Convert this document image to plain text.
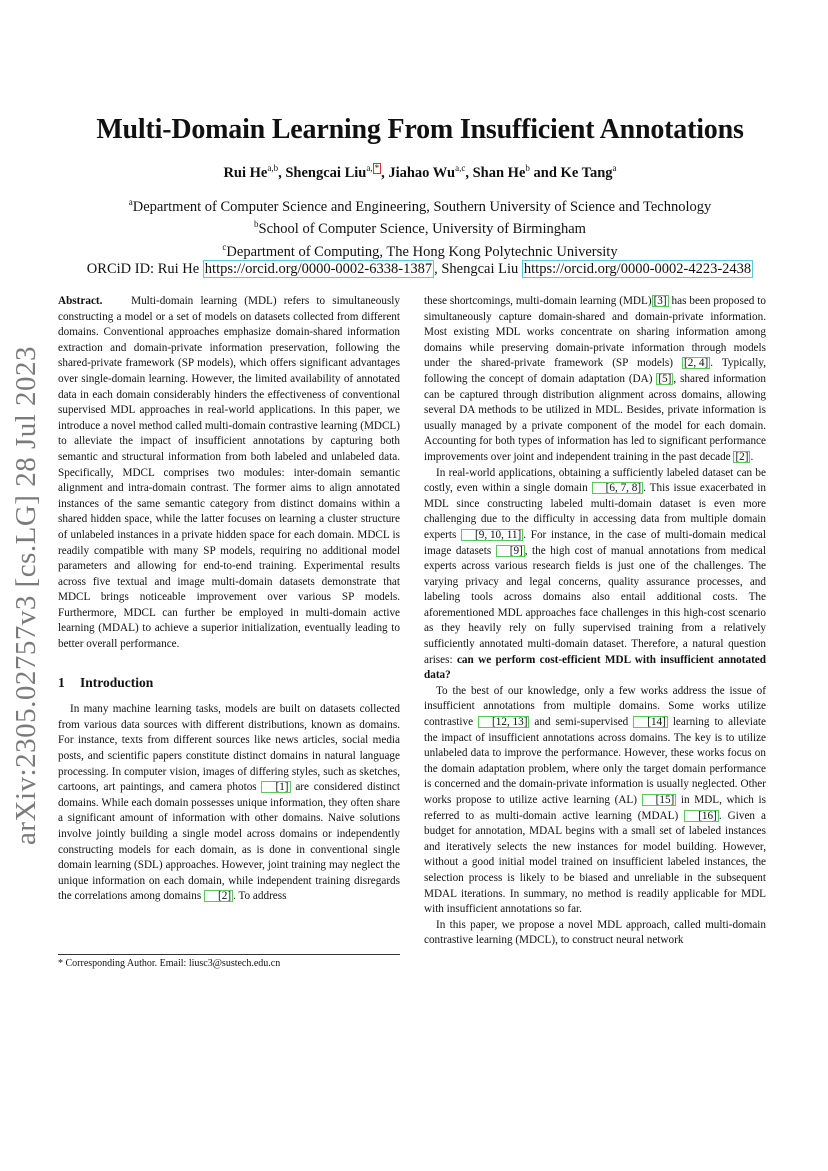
arXiv:2305.02757v3 [cs.LG] 28 Jul 2023
Multi-Domain Learning From Insufficient Annotations
Rui He$^{a,b}$, Shengcai Liu$^{a, *}$ , Jiahao Wu$^{a,c}$, Shan He$^b$ and Ke Tang$^a$
$^a$Department of Computer Science and Engineering, Southern University of Science and Technology
$^b$School of Computer Science, University of Birmingham
$^c$Department of Computing, The Hong Kong Polytechnic University
ORCiD ID: Rui He https://orcid.org/0000-0002-6338-1387 , Shengcai Liu https://orcid.org/0000-0002-4223-2438

Abstract.	Multi-domain learning (MDL) refers to simultaneously constructing a model or a set of models on datasets collected from different domains. Conventional approaches emphasize domain-shared information extraction and domain-private information preservation, following the shared-private framework (SP models), which offers significant advantages over single-domain learning. However, the limited availability of annotated data in each domain considerably hinders the effectiveness of conventional supervised MDL approaches in real-world applications. In this paper, we introduce a novel method called multi-domain contrastive learning (MDCL) to alleviate the impact of insufficient annotations by capturing both semantic and structural information from both labeled and unlabeled data. Specifically, MDCL comprises two modules: inter-domain semantic alignment and intra-domain contrast. The former aims to align annotated instances of the same semantic category from distinct domains within a shared hidden space, while the latter focuses on learning a cluster structure of unlabeled instances in a private hidden space for each domain. MDCL is readily compatible with many SP models, requiring no additional model parameters and allowing for end-to-end training. Experimental results across five textual and image multi-domain datasets demonstrate that MDCL brings noticeable improvement over various SP models. Furthermore, MDCL can further be employed in multi-domain active learning (MDAL) to achieve a superior initialization, eventually leading to better overall performance.

1 Introduction

In many machine learning tasks, models are built on datasets collected from various data sources with different distributions, known as domains. For instance, texts from different sources like news articles, social media posts, and scientific papers constitute distinct domains in natural language processing. In computer vision, images of differing styles, such as sketches, cartoons, art paintings, and camera photos [1] are considered distinct domains. While each domain possesses unique information, they often share a significant amount of information with other domains. Naive solutions involve jointly building a single model across domains or independently constructing models for each domain, as is done in conventional single domain learning (SDL) approaches. However, joint training may neglect the unique information on each domain, while independent training disregards the correlations among domains [2] . To address

* Corresponding Author. Email: liusc3@sustech.edu.cn

these shortcomings, multi-domain learning (MDL) [3] has been proposed to simultaneously capture domain-shared and domain-private information. Most existing MDL works concentrate on sharing information among domains while preserving domain-private information through models under the shared-private framework (SP models) [2, 4] . Typically, following the concept of domain adaptation (DA) [5] , shared information can be captured through distribution alignment across domains, allowing several DA methods to be utilized in MDL. Besides, private information is usually managed by a private component of the model for each domain. Accounting for both types of information has led to significant performance improvements over joint and independent training in the past decade [2] .

In real-world applications, obtaining a sufficiently labeled dataset can be costly, even within a single domain [6, 7, 8] . This issue exacerbated in MDL since constructing labeled multi-domain dataset is even more challenging due to the difficulty in accessing data from multiple domain experts [9, 10, 11] . For instance, in the case of multi-domain medical image datasets [9] , the high cost of manual annotations from medical experts across various research fields is just one of the challenges. The varying privacy and legal concerns, quality assurance processes, and labeling tools across domains also entail additional costs. The aforementioned MDL approaches face challenges in this high-cost scenario as they heavily rely on fully supervised training from a relatively sufficiently annotated multi-domain dataset. Therefore, a natural question arises: can we perform cost-efficient MDL with insufficient annotated data?

To the best of our knowledge, only a few works address the issue of insufficient annotations from multiple domains. Some works utilize contrastive [12, 13] and semi-supervised [14] learning to alleviate the impact of insufficient annotations across domains. The key is to utilize unlabeled data to improve the performance. However, these works focus on the domain adaptation problem, where only the target domain performance is concerned and the domain-private information is usually neglected. Other works propose to utilize active learning (AL) [15] in MDL, which is referred to as multi-domain active learning (MDAL) [16] . Given a budget for annotation, MDAL begins with a small set of labeled instances and iteratively selects the new instances for model building. However, without a good initial model trained on insufficient labeled instances, the selection process is likely to be biased and unreliable in the subsequent MDAL iterations. In summary, no method is readily applicable for MDL with insufficient annotations so far.

In this paper, we propose a novel MDL approach, called multi-domain contrastive learning (MDCL), to construct neural network
